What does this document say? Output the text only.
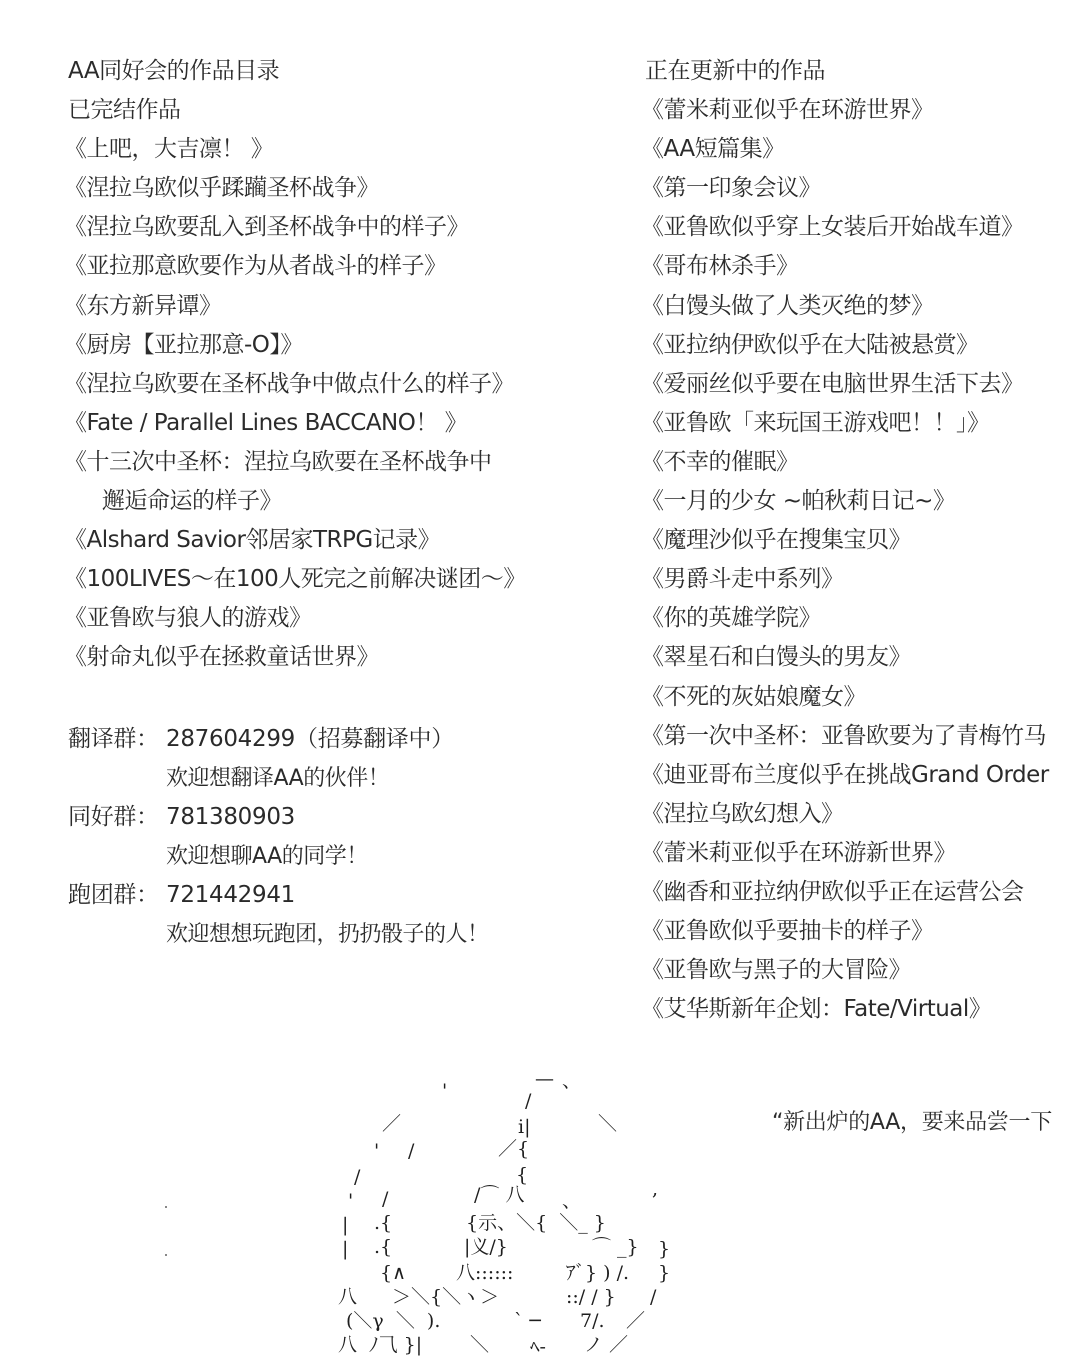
AA同好会的作品目录
已完结作品
《上吧，大吉凛！ 》
《涅拉乌欧似乎蹂躏圣杯战争》
《涅拉乌欧要乱入到圣杯战争中的样子》
《亚拉那意欧要作为从者战斗的样子》
《东方新异谭》
《厨房【亚拉那意-O】》
《涅拉乌欧要在圣杯战争中做点什么的样子》
《Fate / Parallel Lines BACCANO！ 》
《十三次中圣杯：涅拉乌欧要在圣杯战争中
邂逅命运的样子》
《Alshard Savior邻居家TRPG记录》
《100LIVES～在100人死完之前解决谜团～》
《亚鲁欧与狼人的游戏》
《射命丸似乎在拯救童话世界》
翻译群： 287604299（招募翻译中）
欢迎想翻译AA的伙伴！
同好群： 781380903
欢迎想聊AA的同学！
跑团群： 721442941
欢迎想想玩跑团，扔扔骰子的人！
正在更新中的作品
《蕾米莉亚似乎在环游世界》
《AA短篇集》
《第一印象会议》
《亚鲁欧似乎穿上女装后开始战车道》
《哥布林杀手》
《白馒头做了人类灭绝的梦》
《亚拉纳伊欧似乎在大陆被悬赏》
《爱丽丝似乎要在电脑世界生活下去》
《亚鲁欧「来玩国王游戏吧！！」》
《不幸的催眠》
《一月的少女 ~帕秋莉日记~》
《魔理沙似乎在搜集宝贝》
《男爵斗走中系列》
《你的英雄学院》
《翠星石和白馒头的男友》
《不死的灰姑娘魔女》
《第一次中圣杯：亚鲁欧要为了青梅竹马
《迪亚哥布兰度似乎在挑战Grand Order
《涅拉乌欧幻想入》
《蕾米莉亚似乎在环游新世界》
《幽香和亚拉纳伊欧似乎正在运营公会
《亚鲁欧似乎要抽卡的样子》
《亚鲁欧与黑子的大冒险》
《艾华斯新年企划：Fate/Virtual》
— 、
'	/
／	i|	＼
' /	／{
/	{
' /	/⌒ 八 、
,
| .{	{示、＼{  ＼_ }
| .{	|义/}	⌒ _} }
{∧	八::::::	ｱﾞ} ) /. }
八 ＞＼{＼ヽ＞	::/ / } /
(＼γ  ＼  ).	` ─ 7/. ／
八  ﾉ⺄ }|	＼ ﾍ- ノ ／
“新出炉的AA，要来品尝一下
